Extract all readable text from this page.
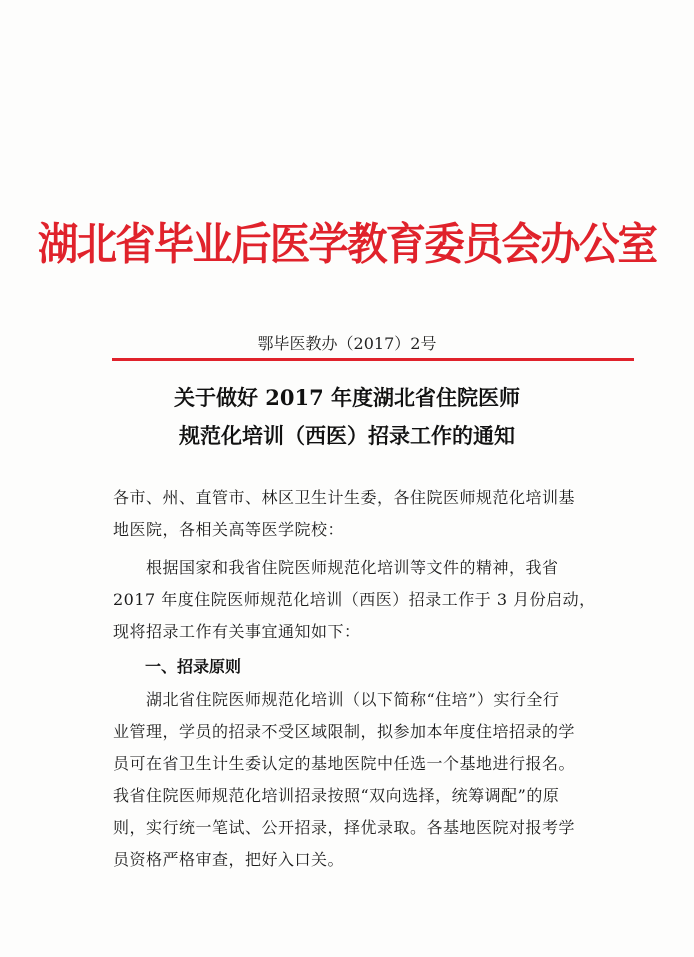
湖北省毕业后医学教育委员会办公室
鄂毕医教办（2017）2号
关于做好 2017 年度湖北省住院医师
规范化培训（西医）招录工作的通知

各市、州、直管市、林区卫生计生委，各住院医师规范化培训基

地医院，各相关高等医学院校：

　　根据国家和我省住院医师规范化培训等文件的精神，我省

2017 年度住院医师规范化培训（西医）招录工作于 3 月份启动，

现将招录工作有关事宜通知如下：

一、招录原则

　　湖北省住院医师规范化培训（以下简称“住培”）实行全行

业管理，学员的招录不受区域限制，拟参加本年度住培招录的学

员可在省卫生计生委认定的基地医院中任选一个基地进行报名。

我省住院医师规范化培训招录按照“双向选择，统筹调配”的原

则，实行统一笔试、公开招录，择优录取。各基地医院对报考学

员资格严格审查，把好入口关。
